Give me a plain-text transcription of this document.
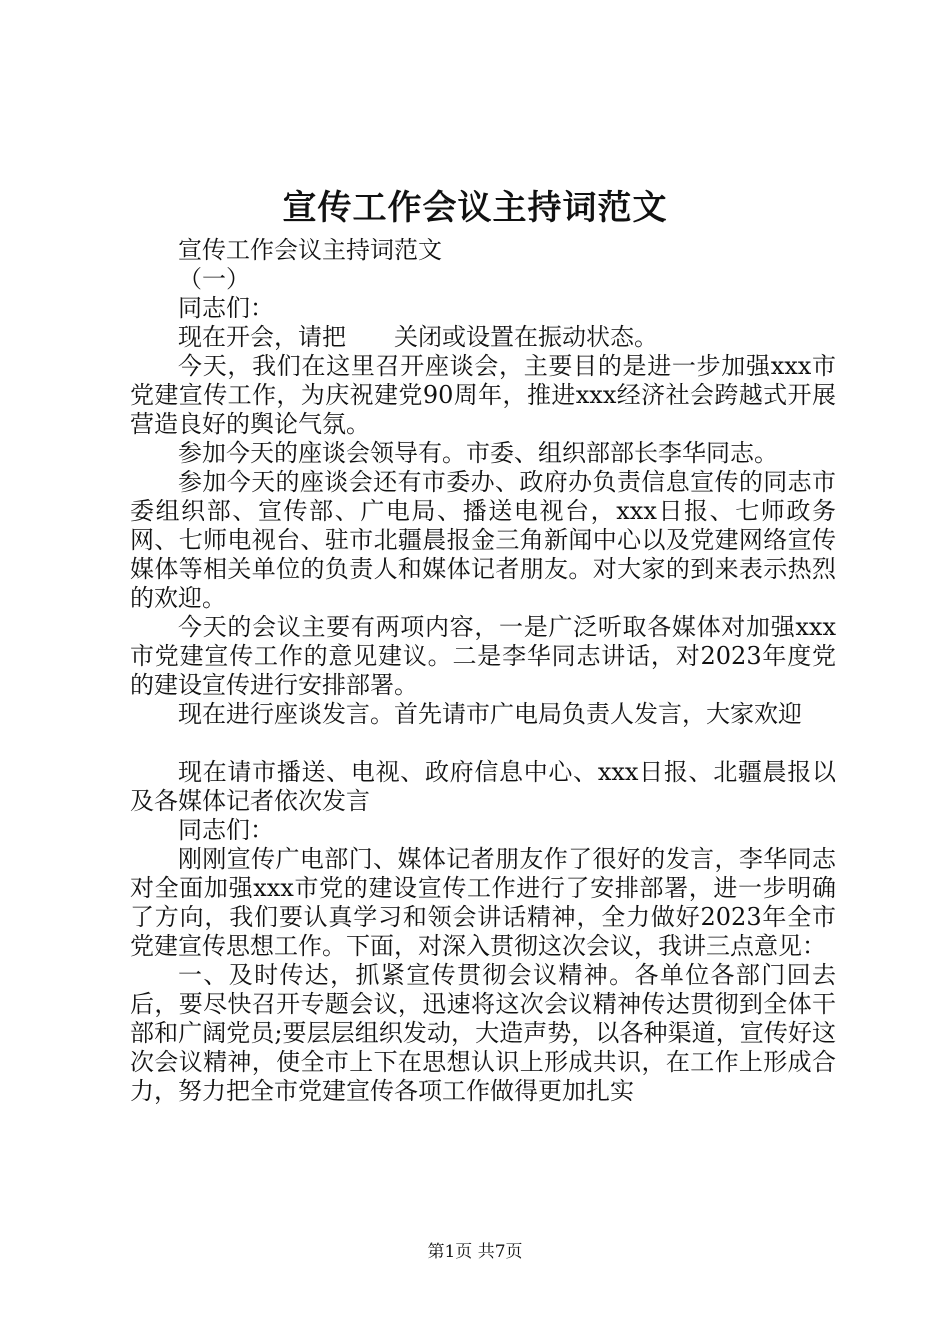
宣传工作会议主持词范文

宣传工作会议主持词范文

（一）

同志们：

现在开会，请把　　关闭或设置在振动状态。

今天，我们在这里召开座谈会，主要目的是进一步加强xxx市党建宣传工作，为庆祝建党90周年，推进xxx经济社会跨越式开展营造良好的舆论气氛。

参加今天的座谈会领导有。市委、组织部部长李华同志。

参加今天的座谈会还有市委办、政府办负责信息宣传的同志市委组织部、宣传部、广电局、播送电视台，xxx日报、七师政务网、七师电视台、驻市北疆晨报金三角新闻中心以及党建网络宣传媒体等相关单位的负责人和媒体记者朋友。对大家的到来表示热烈的欢迎。

今天的会议主要有两项内容，一是广泛听取各媒体对加强xxx市党建宣传工作的意见建议。二是李华同志讲话，对2023年度党的建设宣传进行安排部署。

现在进行座谈发言。首先请市广电局负责人发言，大家欢迎

现在请市播送、电视、政府信息中心、xxx日报、北疆晨报以及各媒体记者依次发言

同志们：

刚刚宣传广电部门、媒体记者朋友作了很好的发言，李华同志对全面加强xxx市党的建设宣传工作进行了安排部署，进一步明确了方向，我们要认真学习和领会讲话精神，全力做好2023年全市党建宣传思想工作。下面，对深入贯彻这次会议，我讲三点意见：

一、及时传达，抓紧宣传贯彻会议精神。各单位各部门回去后，要尽快召开专题会议，迅速将这次会议精神传达贯彻到全体干部和广阔党员;要层层组织发动，大造声势，以各种渠道，宣传好这次会议精神，使全市上下在思想认识上形成共识，在工作上形成合力，努力把全市党建宣传各项工作做得更加扎实

第1页 共7页
